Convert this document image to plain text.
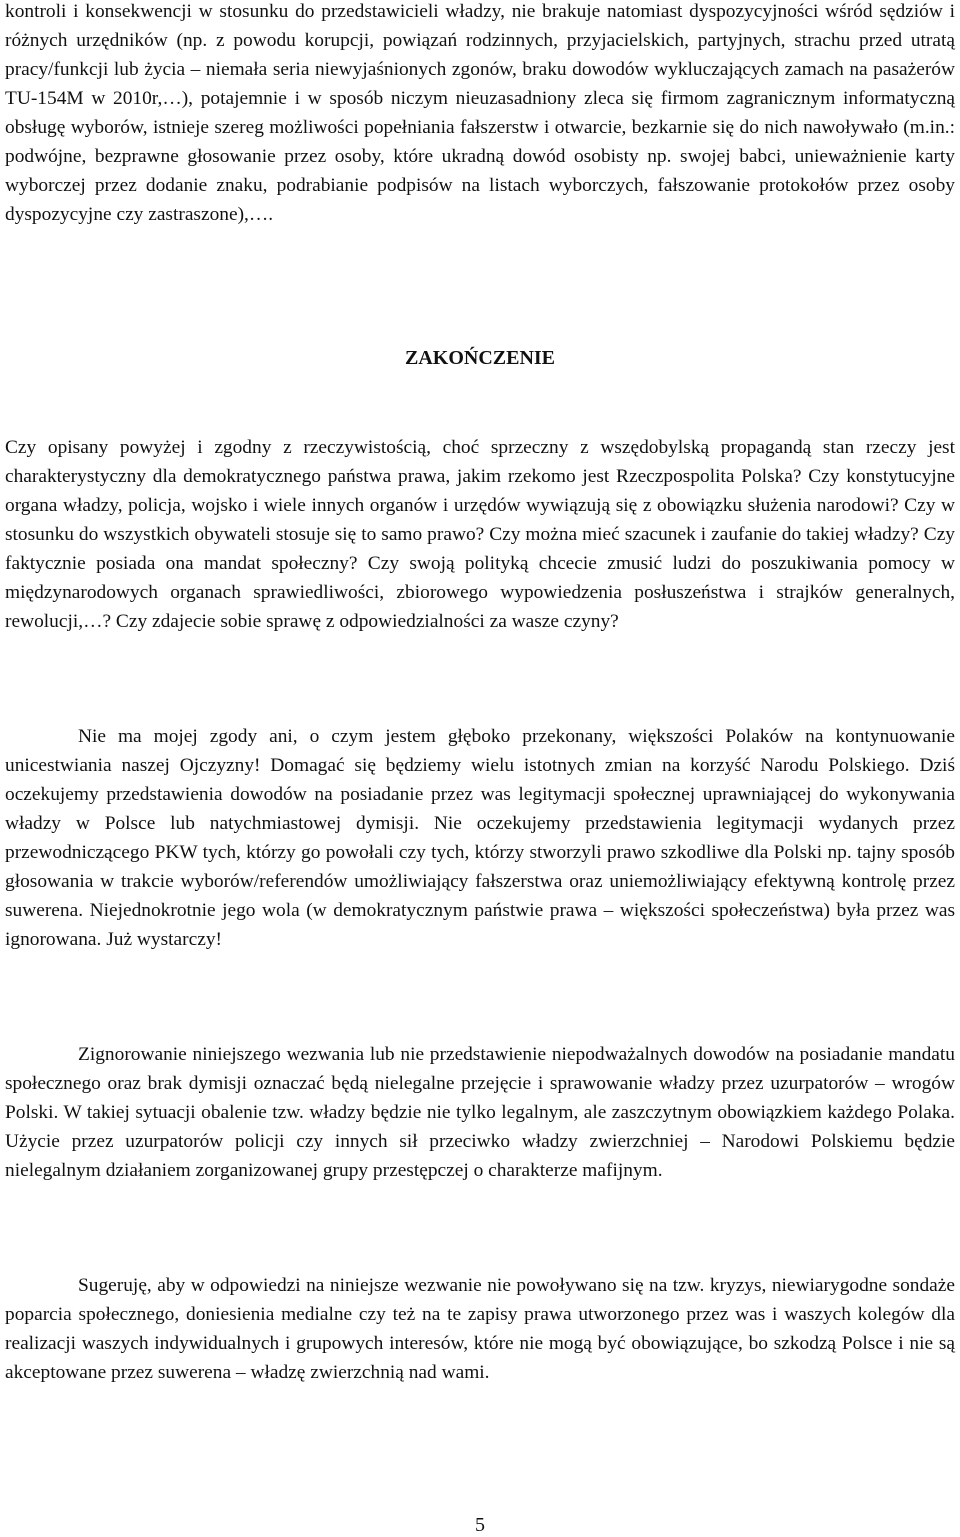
kontroli i konsekwencji w stosunku do przedstawicieli władzy, nie brakuje natomiast dyspozycyjności wśród sędziów i różnych urzędników (np. z powodu korupcji, powiązań rodzinnych, przyjacielskich, partyjnych, strachu przed utratą pracy/funkcji lub życia – niemała seria niewyjaśnionych zgonów, braku dowodów wykluczających zamach na pasażerów TU-154M w 2010r,…), potajemnie i w sposób niczym nieuzasadniony zleca się firmom zagranicznym informatyczną obsługę wyborów, istnieje szereg możliwości popełniania fałszerstw i otwarcie, bezkarnie się do nich nawoływało (m.in.: podwójne, bezprawne głosowanie przez osoby, które ukradną dowód osobisty np. swojej babci, unieważnienie karty wyborczej przez dodanie znaku, podrabianie podpisów na listach wyborczych, fałszowanie protokołów przez osoby dyspozycyjne czy zastraszone),….

ZAKOŃCZENIE

Czy opisany powyżej i zgodny z rzeczywistością, choć sprzeczny z wszędobylską propagandą stan rzeczy jest charakterystyczny dla demokratycznego państwa prawa, jakim rzekomo jest Rzeczpospolita Polska? Czy konstytucyjne organa władzy, policja, wojsko i wiele innych organów i urzędów wywiązują się z obowiązku służenia narodowi? Czy w stosunku do wszystkich obywateli stosuje się to samo prawo? Czy można mieć szacunek i zaufanie do takiej władzy? Czy faktycznie posiada ona mandat społeczny? Czy swoją polityką chcecie zmusić ludzi do poszukiwania pomocy w międzynarodowych organach sprawiedliwości, zbiorowego wypowiedzenia posłuszeństwa i strajków generalnych, rewolucji,…? Czy zdajecie sobie sprawę z odpowiedzialności za wasze czyny?

Nie ma mojej zgody ani, o czym jestem głęboko przekonany, większości Polaków na kontynuowanie unicestwiania naszej Ojczyzny! Domagać się będziemy wielu istotnych zmian na korzyść Narodu Polskiego. Dziś oczekujemy przedstawienia dowodów na posiadanie przez was legitymacji społecznej uprawniającej do wykonywania władzy w Polsce lub natychmiastowej dymisji. Nie oczekujemy przedstawienia legitymacji wydanych przez przewodniczącego PKW tych, którzy go powołali czy tych, którzy stworzyli prawo szkodliwe dla Polski np. tajny sposób głosowania w trakcie wyborów/referendów umożliwiający fałszerstwa oraz uniemożliwiający efektywną kontrolę przez suwerena. Niejednokrotnie jego wola (w demokratycznym państwie prawa – większości społeczeństwa) była przez was ignorowana. Już wystarczy!

Zignorowanie niniejszego wezwania lub nie przedstawienie niepodważalnych dowodów na posiadanie mandatu społecznego oraz brak dymisji oznaczać będą nielegalne przejęcie i sprawowanie władzy przez uzurpatorów – wrogów Polski. W takiej sytuacji obalenie tzw. władzy będzie nie tylko legalnym, ale zaszczytnym obowiązkiem każdego Polaka. Użycie przez uzurpatorów policji czy innych sił przeciwko władzy zwierzchniej – Narodowi Polskiemu będzie nielegalnym działaniem zorganizowanej grupy przestępczej o charakterze mafijnym.

Sugeruję, aby w odpowiedzi na niniejsze wezwanie nie powoływano się na tzw. kryzys, niewiarygodne sondaże poparcia społecznego, doniesienia medialne czy też na te zapisy prawa utworzonego przez was i waszych kolegów dla realizacji waszych indywidualnych i grupowych interesów, które nie mogą być obowiązujące, bo szkodzą Polsce i nie są akceptowane przez suwerena – władzę zwierzchnią nad wami.

5
